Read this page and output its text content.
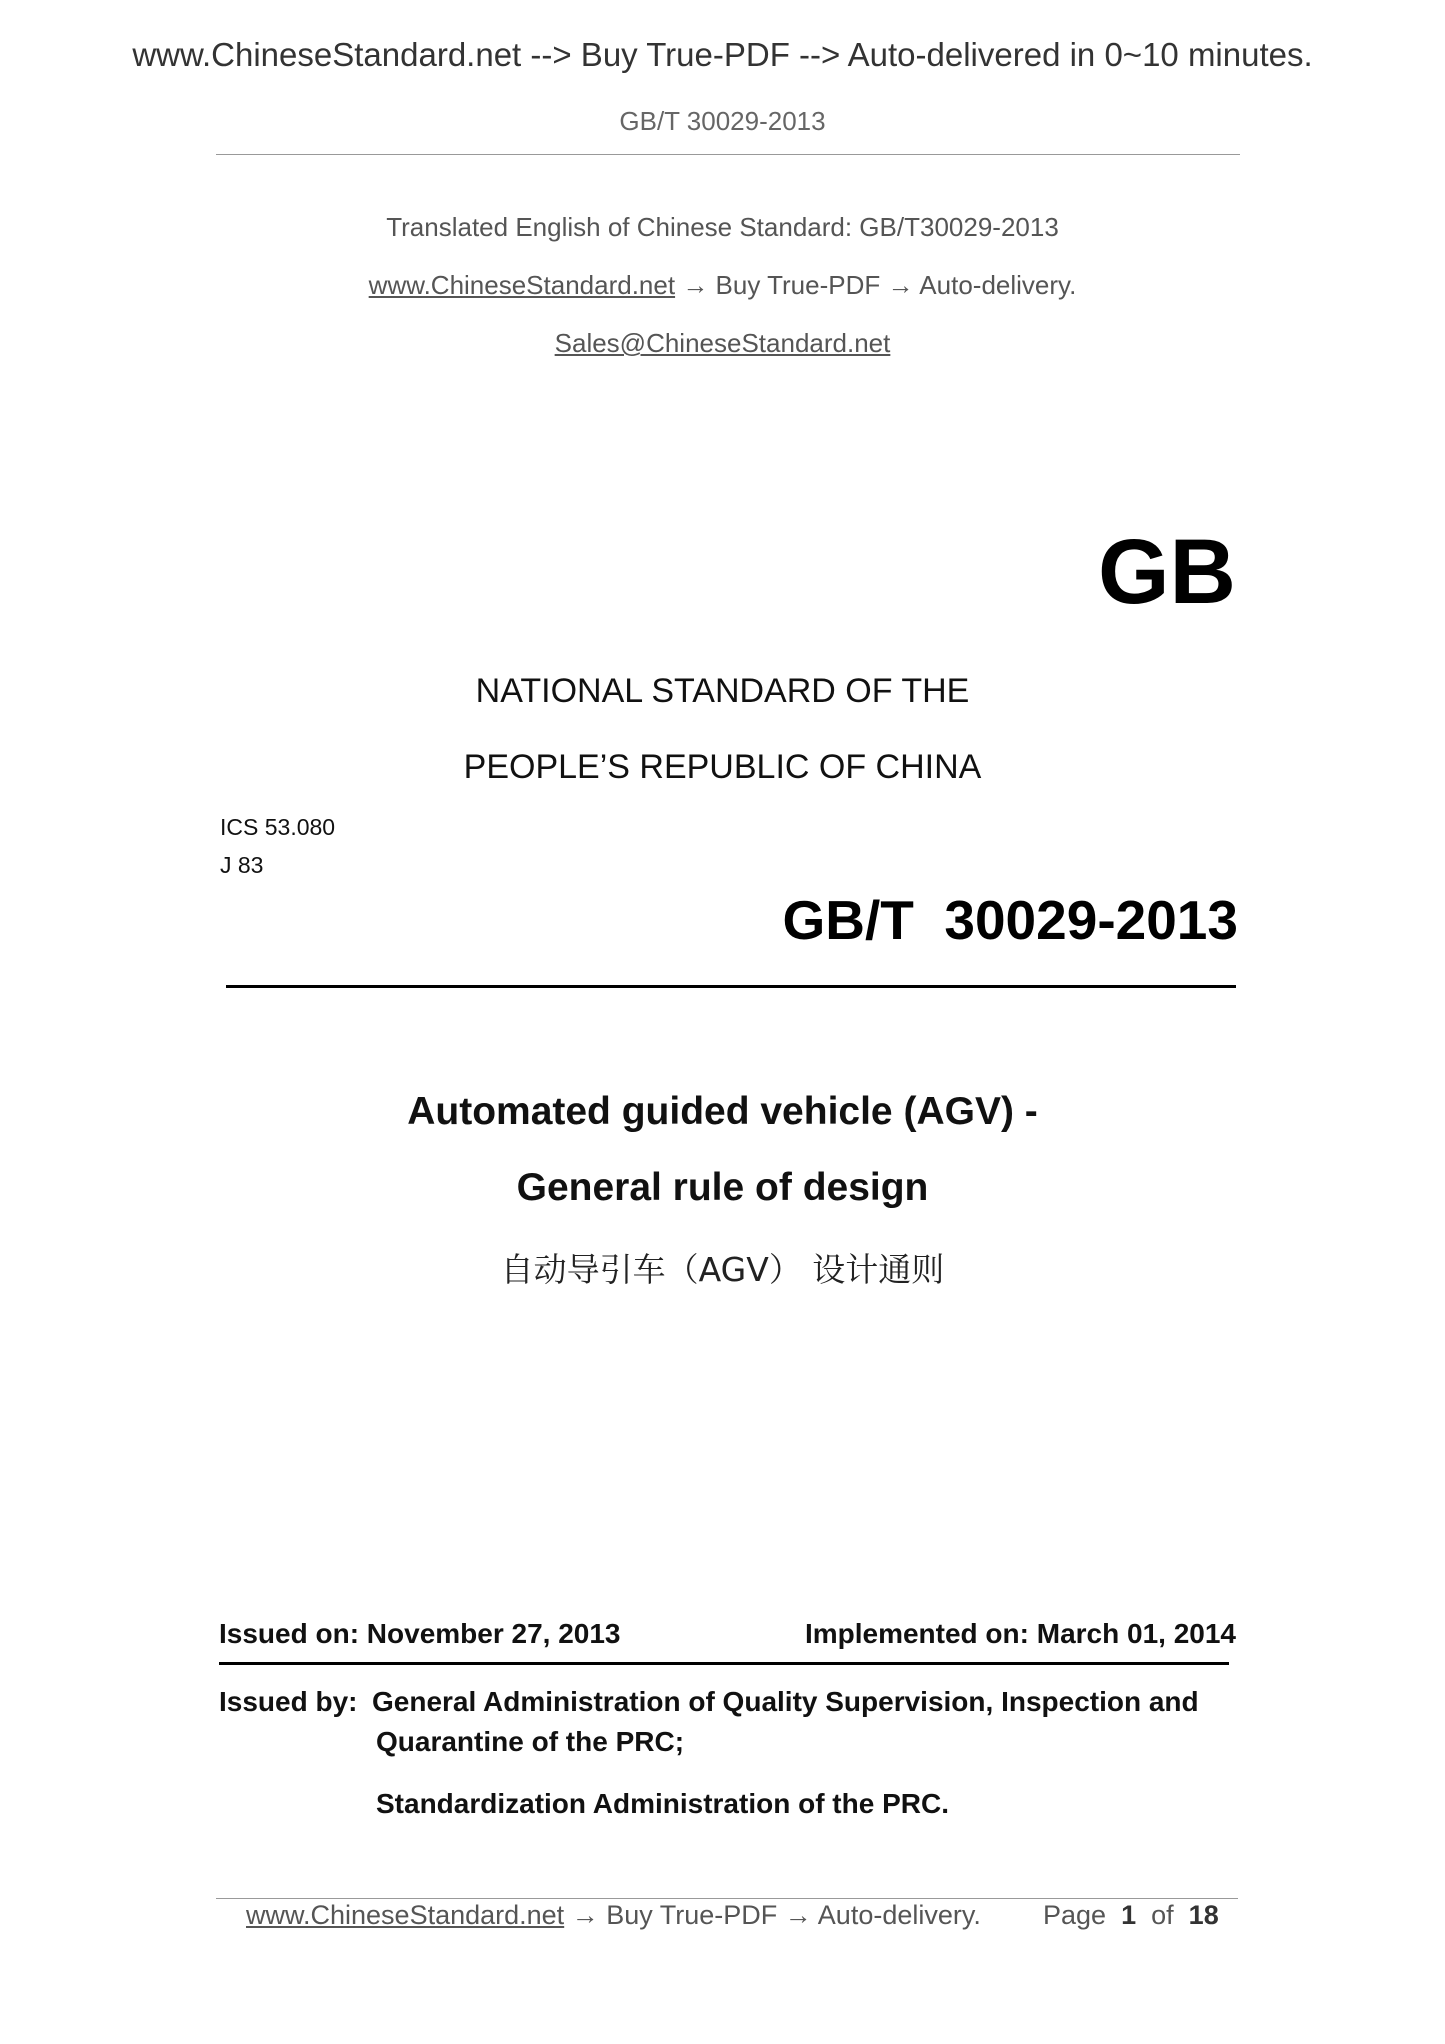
www.ChineseStandard.net --> Buy True-PDF --> Auto-delivered in 0~10 minutes.
GB/T 30029-2013
Translated English of Chinese Standard: GB/T30029-2013
www.ChineseStandard.net → Buy True-PDF → Auto-delivery.
Sales@ChineseStandard.net
GB
NATIONAL STANDARD OF THE
PEOPLE’S REPUBLIC OF CHINA
ICS 53.080
J 83
GB/T  30029-2013
Automated guided vehicle (AGV) -
General rule of design
自动导引车（AGV） 设计通则
Issued on: November 27, 2013	Implemented on: March 01, 2014
Issued by: General Administration of Quality Supervision, Inspection and
Quarantine of the PRC;
Standardization Administration of the PRC.
www.ChineseStandard.net → Buy True-PDF → Auto-delivery. Page 1 of 18
